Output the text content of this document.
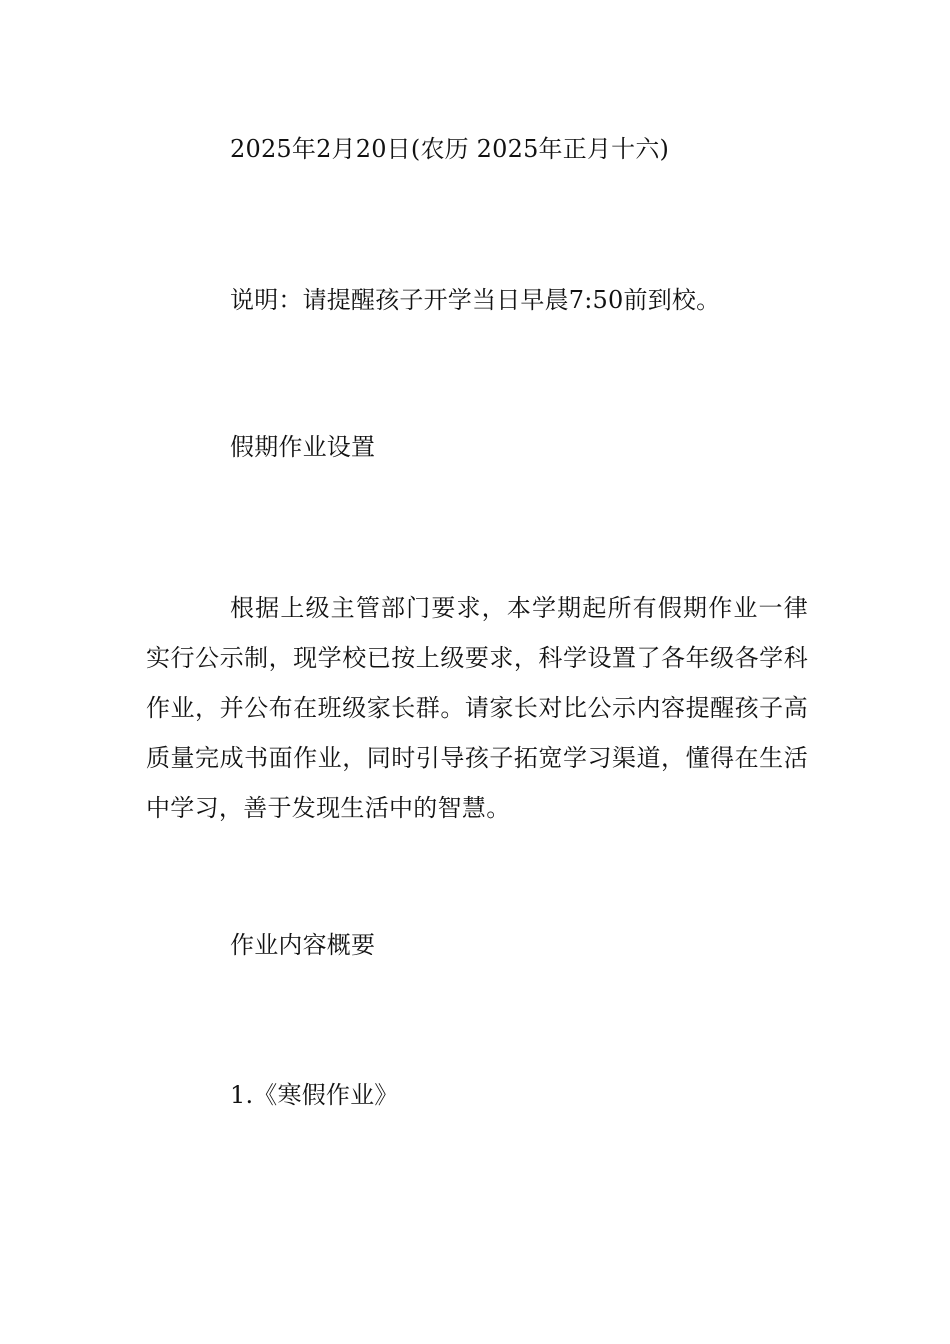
2025年2月20日(农历 2025年正月十六)
说明：请提醒孩子开学当日早晨7:50前到校。
假期作业设置
根据上级主管部门要求，本学期起所有假期作业一律实行公示制，现学校已按上级要求，科学设置了各年级各学科作业，并公布在班级家长群。请家长对比公示内容提醒孩子高质量完成书面作业，同时引导孩子拓宽学习渠道，懂得在生活中学习，善于发现生活中的智慧。
作业内容概要
1.《寒假作业》
